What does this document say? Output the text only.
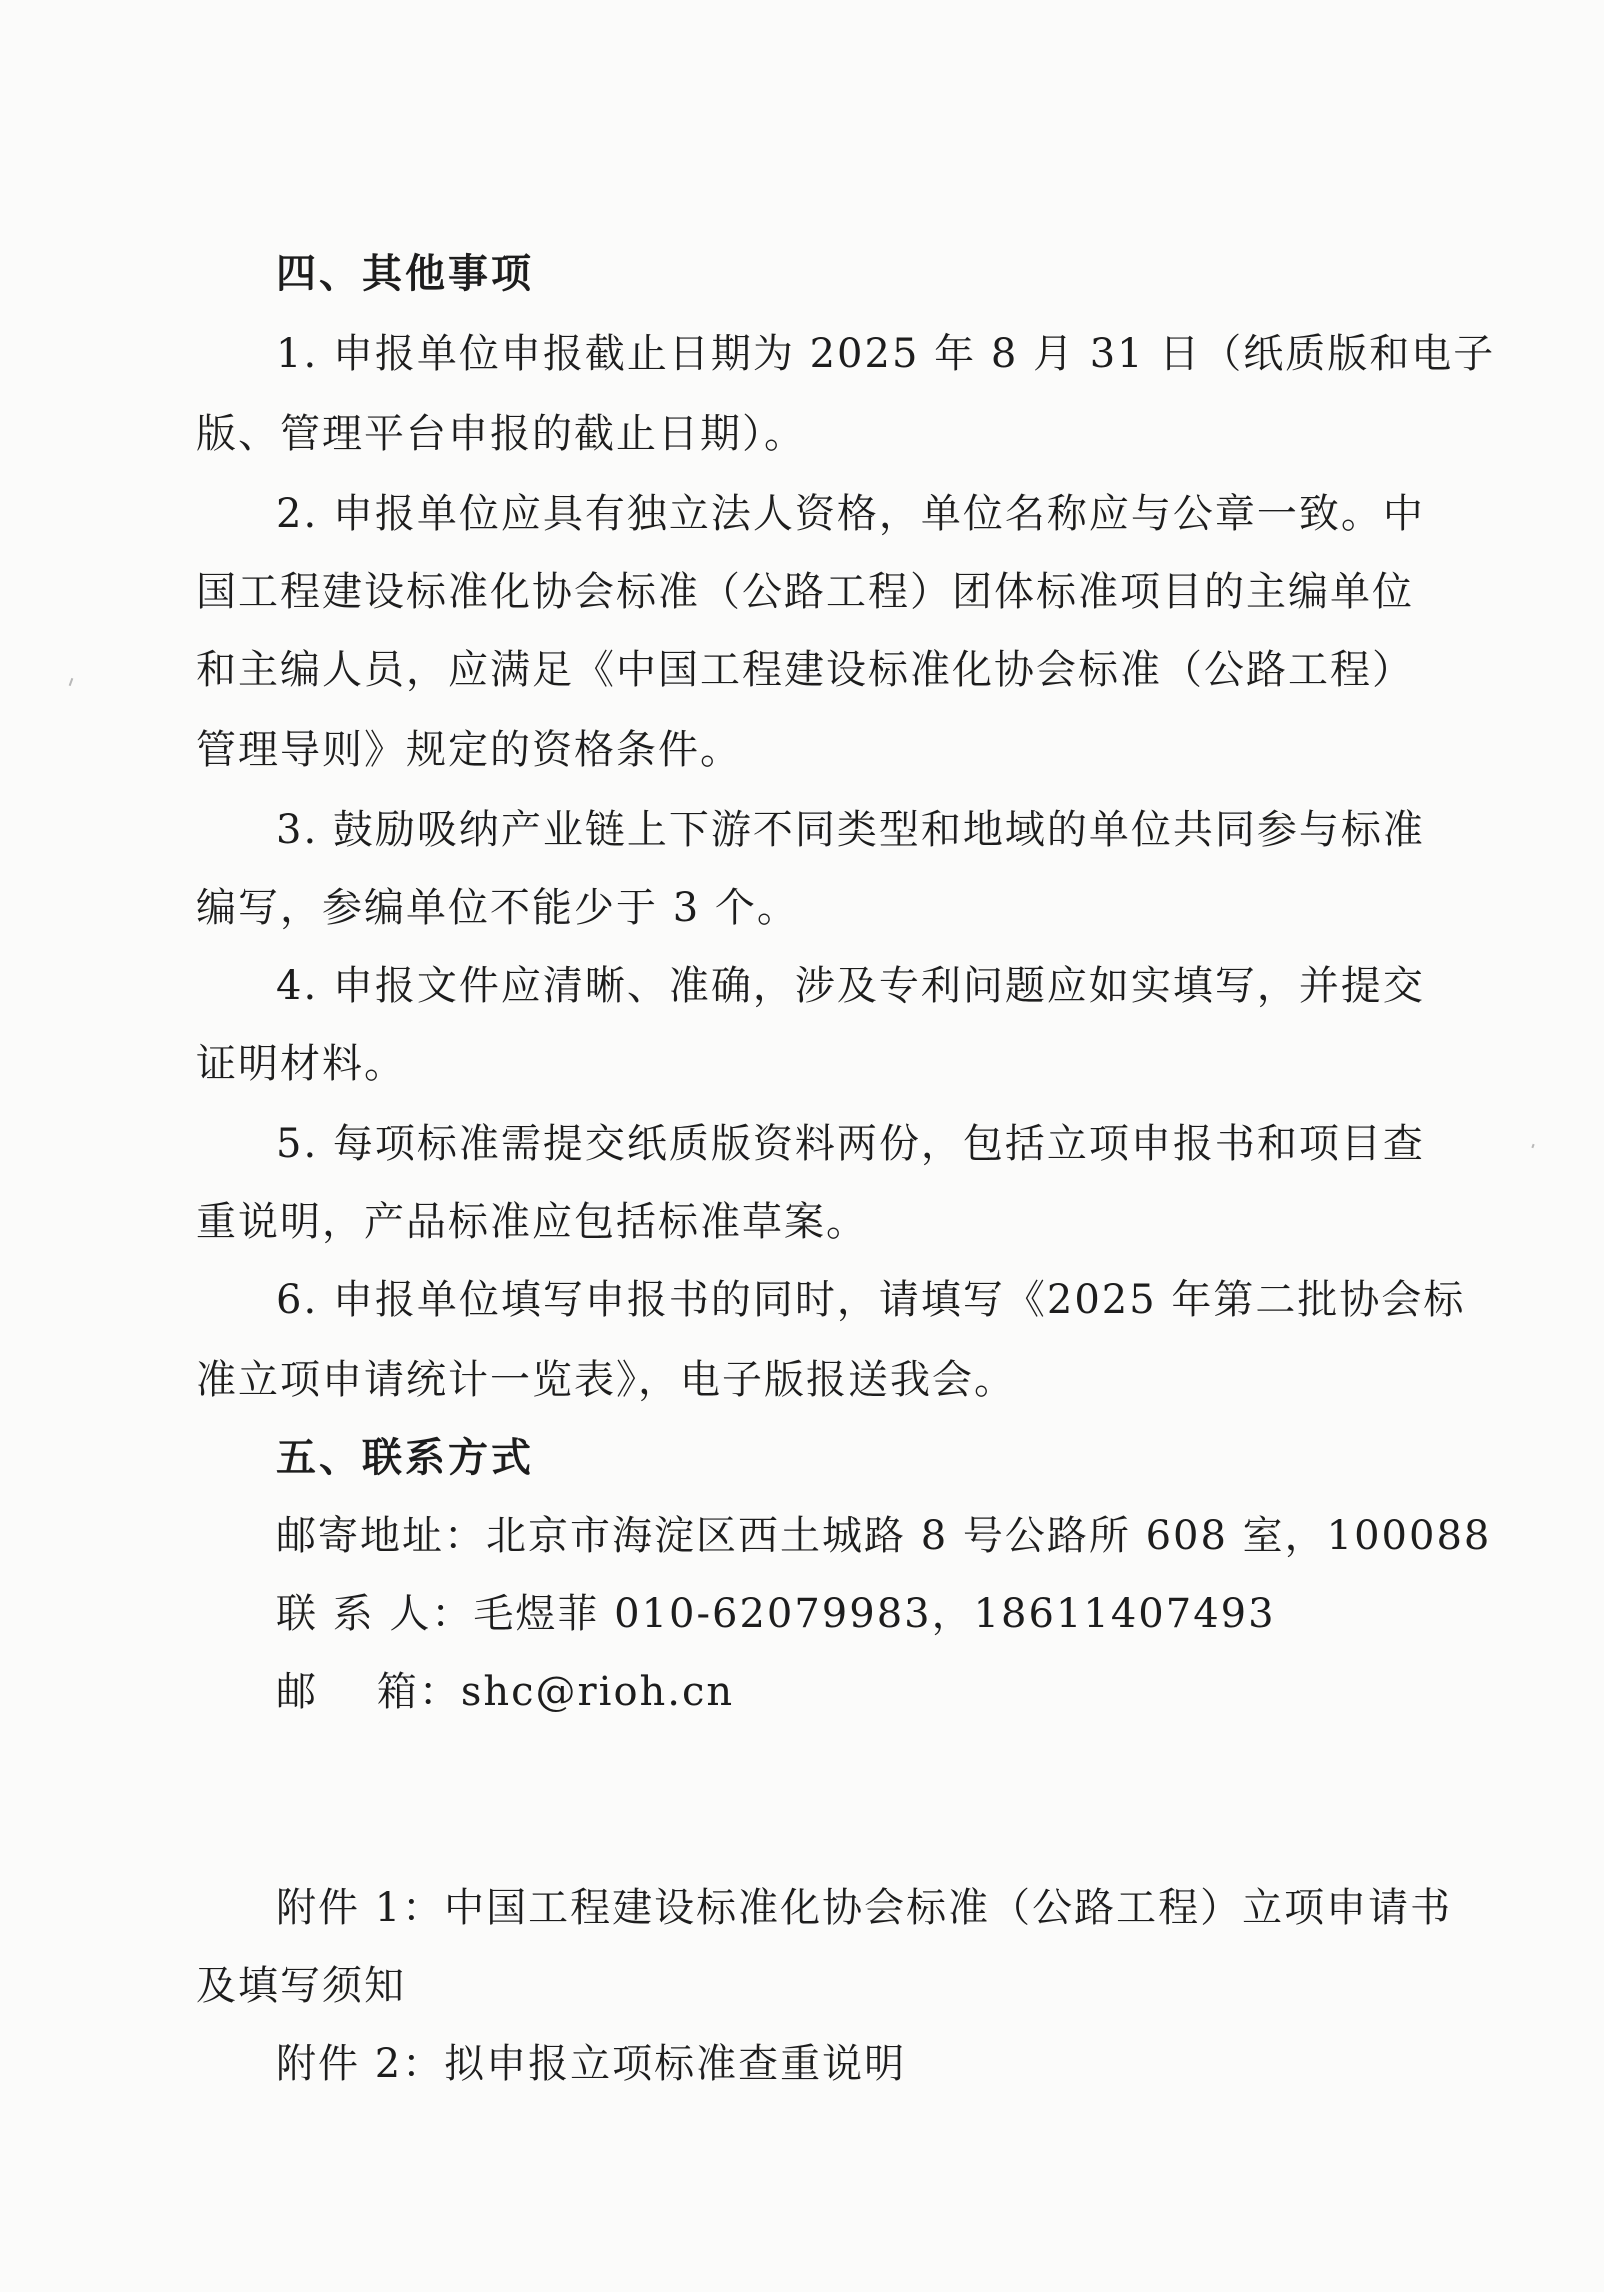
四、其他事项
1. 申报单位申报截止日期为 2025 年 8 月 31 日（纸质版和电子
版、管理平台申报的截止日期）。
2. 申报单位应具有独立法人资格，单位名称应与公章一致。中
国工程建设标准化协会标准（公路工程）团体标准项目的主编单位
和主编人员，应满足《中国工程建设标准化协会标准（公路工程）
管理导则》规定的资格条件。
3. 鼓励吸纳产业链上下游不同类型和地域的单位共同参与标准
编写，参编单位不能少于 3 个。
4. 申报文件应清晰、准确，涉及专利问题应如实填写，并提交
证明材料。
5. 每项标准需提交纸质版资料两份，包括立项申报书和项目查
重说明，产品标准应包括标准草案。
6. 申报单位填写申报书的同时，请填写《2025 年第二批协会标
准立项申请统计一览表》，电子版报送我会。
五、联系方式
邮寄地址：北京市海淀区西土城路 8 号公路所 608 室，100088
联 系 人：毛煜菲 010-62079983，18611407493
邮    箱：shc@rioh.cn
附件 1：中国工程建设标准化协会标准（公路工程）立项申请书
及填写须知
附件 2：拟申报立项标准查重说明
